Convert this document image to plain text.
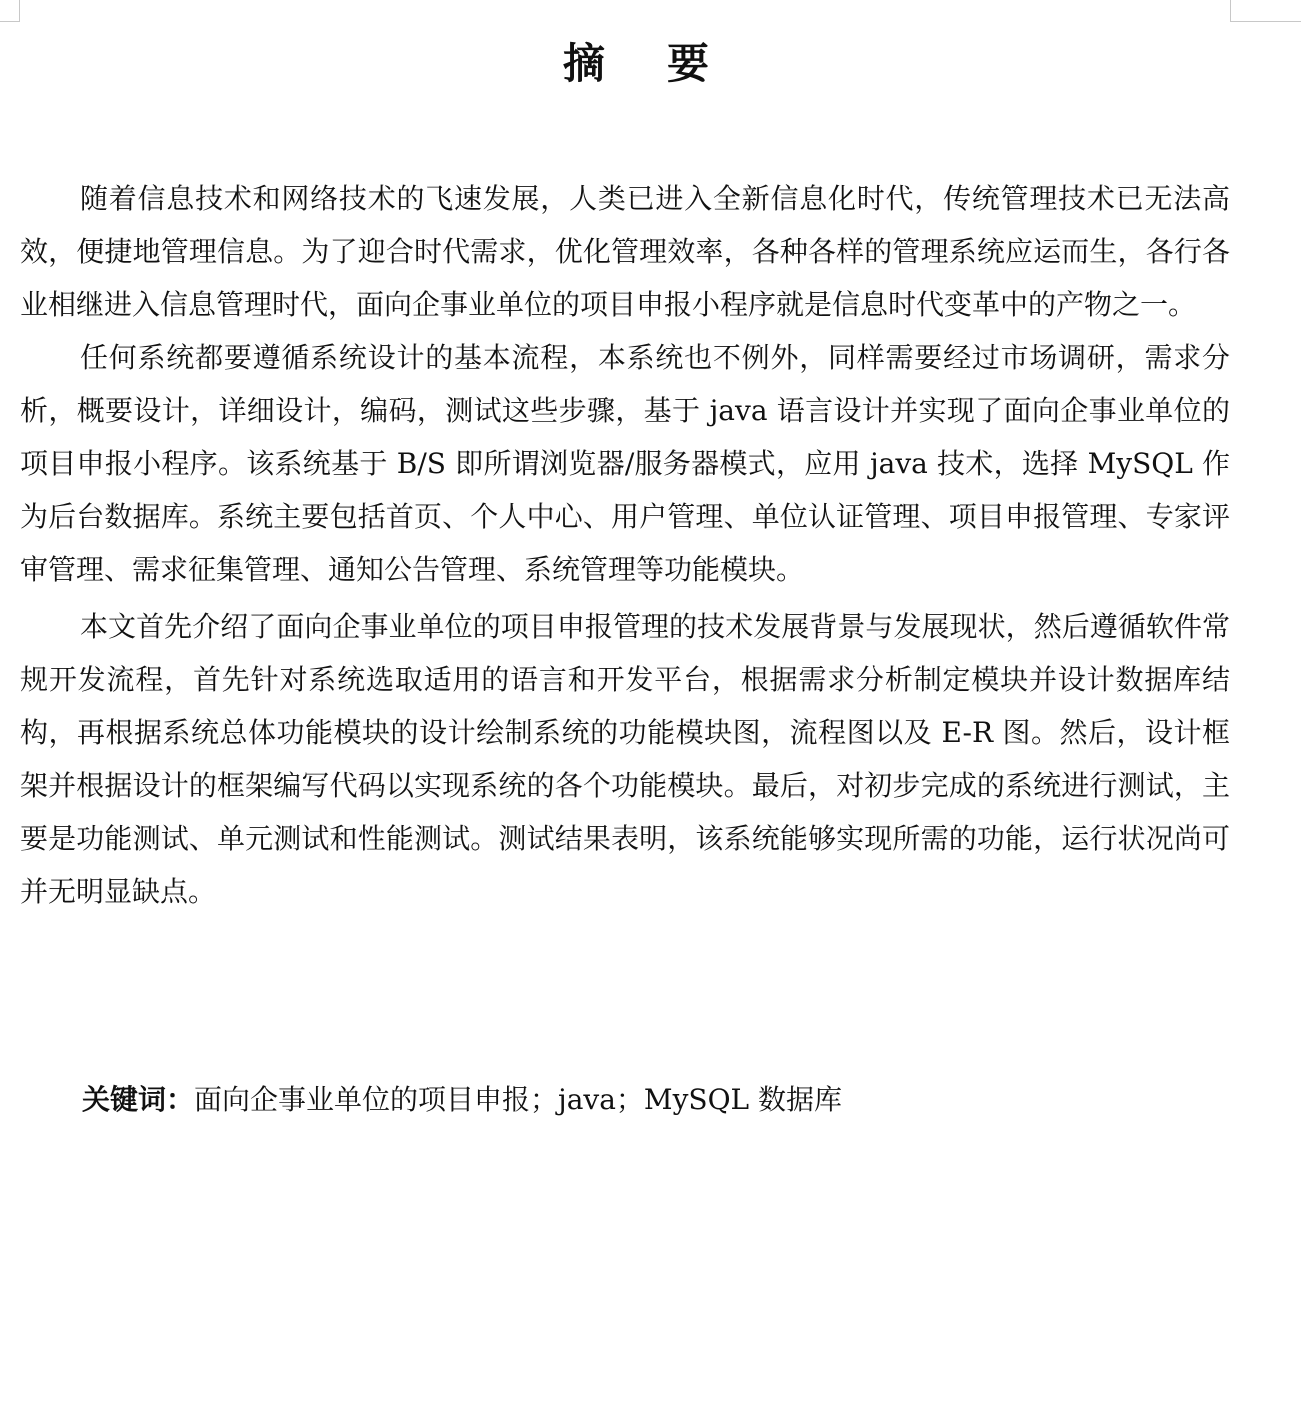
摘 要

随着信息技术和网络技术的飞速发展，人类已进入全新信息化时代，传统管理技术已无法高效，便捷地管理信息。为了迎合时代需求，优化管理效率，各种各样的管理系统应运而生，各行各业相继进入信息管理时代，面向企事业单位的项目申报小程序就是信息时代变革中的产物之一。

任何系统都要遵循系统设计的基本流程，本系统也不例外，同样需要经过市场调研，需求分析，概要设计，详细设计，编码，测试这些步骤，基于 java 语言设计并实现了面向企事业单位的项目申报小程序。该系统基于 B/S 即所谓浏览器/服务器模式，应用 java 技术，选择 MySQL 作为后台数据库。系统主要包括首页、个人中心、用户管理、单位认证管理、项目申报管理、专家评审管理、需求征集管理、通知公告管理、系统管理等功能模块。

本文首先介绍了面向企事业单位的项目申报管理的技术发展背景与发展现状，然后遵循软件常规开发流程，首先针对系统选取适用的语言和开发平台，根据需求分析制定模块并设计数据库结构，再根据系统总体功能模块的设计绘制系统的功能模块图，流程图以及 E-R 图。然后，设计框架并根据设计的框架编写代码以实现系统的各个功能模块。最后，对初步完成的系统进行测试，主要是功能测试、单元测试和性能测试。测试结果表明，该系统能够实现所需的功能，运行状况尚可并无明显缺点。

关键词：面向企事业单位的项目申报；java；MySQL 数据库
